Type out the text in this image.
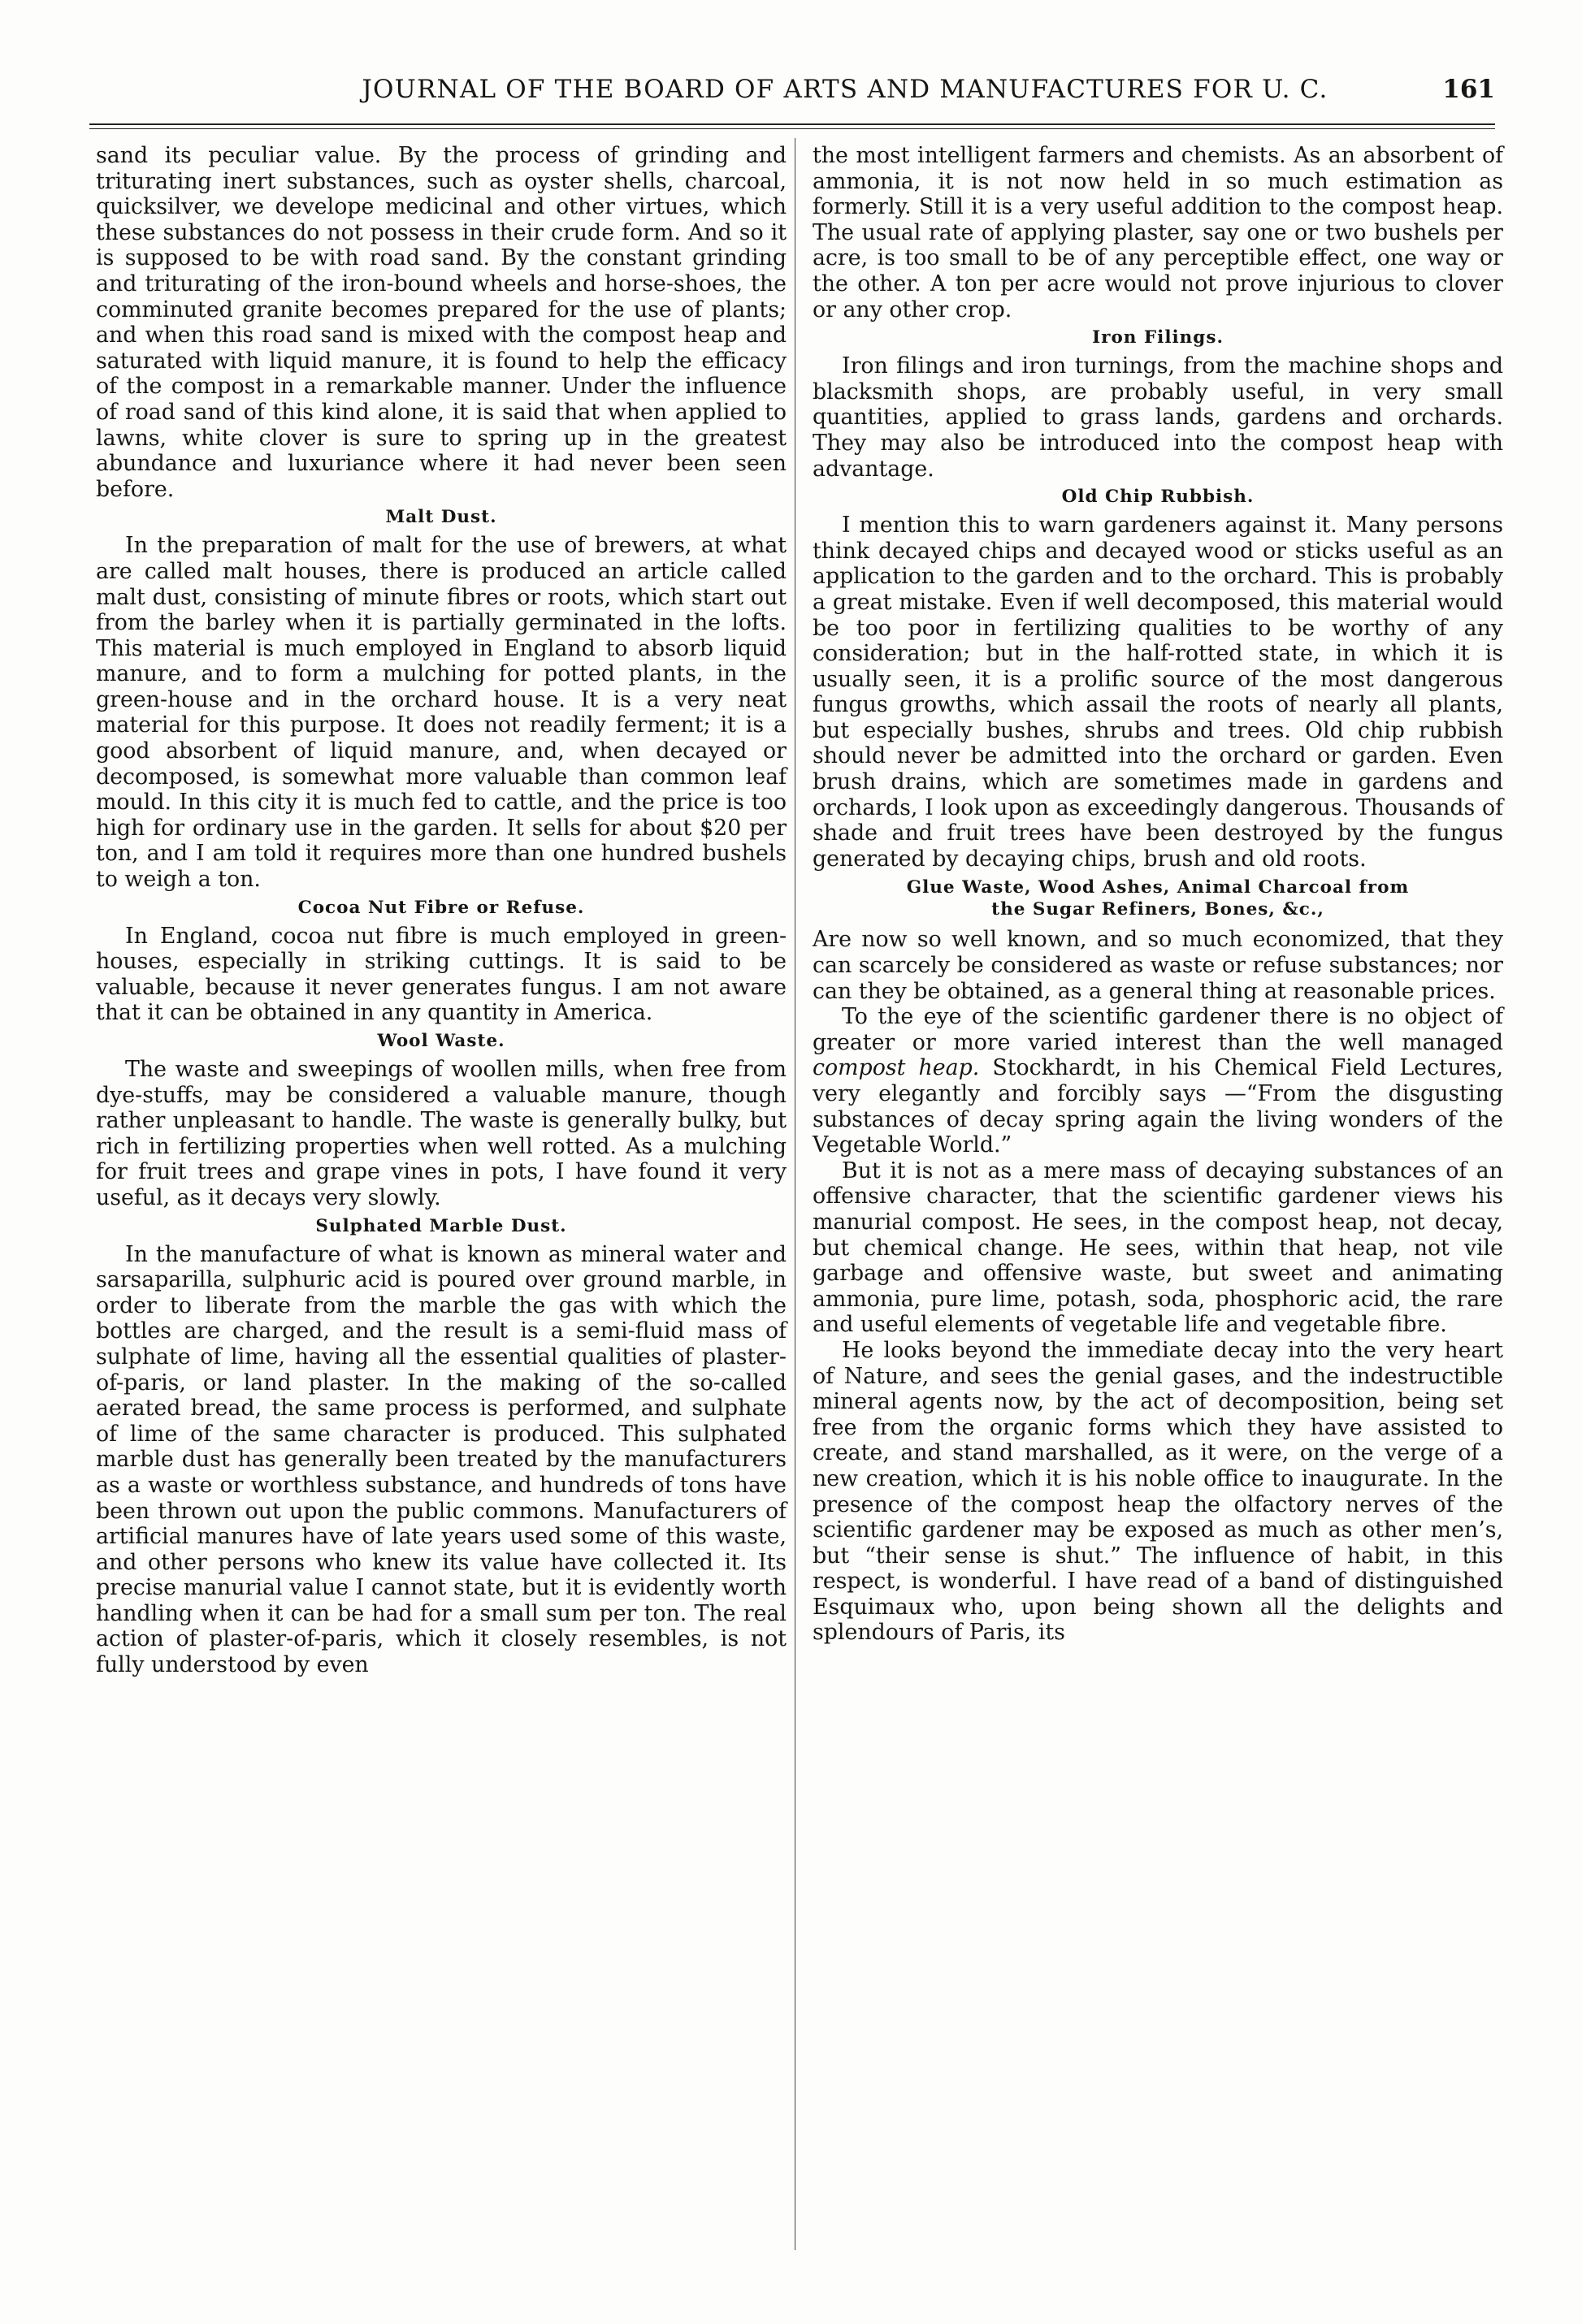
JOURNAL OF THE BOARD OF ARTS AND MANUFACTURES FOR U. C.	161

sand its peculiar value. By the process of grinding and triturating inert substances, such as oyster shells, charcoal, quicksilver, we develope medicinal and other virtues, which these substances do not possess in their crude form. And so it is supposed to be with road sand. By the constant grinding and triturating of the iron-bound wheels and horse-shoes, the comminuted granite becomes prepared for the use of plants; and when this road sand is mixed with the compost heap and saturated with liquid manure, it is found to help the efficacy of the compost in a remarkable manner. Under the influence of road sand of this kind alone, it is said that when applied to lawns, white clover is sure to spring up in the greatest abundance and luxuriance where it had never been seen before.

Malt Dust.

In the preparation of malt for the use of brewers, at what are called malt houses, there is produced an article called malt dust, consisting of minute fibres or roots, which start out from the barley when it is partially germinated in the lofts. This material is much employed in England to absorb liquid manure, and to form a mulching for potted plants, in the green-house and in the orchard house. It is a very neat material for this purpose. It does not readily ferment; it is a good absorbent of liquid manure, and, when decayed or decomposed, is somewhat more valuable than common leaf mould. In this city it is much fed to cattle, and the price is too high for ordinary use in the garden. It sells for about $20 per ton, and I am told it requires more than one hundred bushels to weigh a ton.

Cocoa Nut Fibre or Refuse.

In England, cocoa nut fibre is much employed in green-houses, especially in striking cuttings. It is said to be valuable, because it never generates fungus. I am not aware that it can be obtained in any quantity in America.

Wool Waste.

The waste and sweepings of woollen mills, when free from dye-stuffs, may be considered a valuable manure, though rather unpleasant to handle. The waste is generally bulky, but rich in fertilizing properties when well rotted. As a mulching for fruit trees and grape vines in pots, I have found it very useful, as it decays very slowly.

Sulphated Marble Dust.

In the manufacture of what is known as mineral water and sarsaparilla, sulphuric acid is poured over ground marble, in order to liberate from the marble the gas with which the bottles are charged, and the result is a semi-fluid mass of sulphate of lime, having all the essential qualities of plaster-of-paris, or land plaster. In the making of the so-called aerated bread, the same process is performed, and sulphate of lime of the same character is produced. This sulphated marble dust has generally been treated by the manufacturers as a waste or worthless substance, and hundreds of tons have been thrown out upon the public commons. Manufacturers of artificial manures have of late years used some of this waste, and other persons who knew its value have collected it. Its precise manurial value I cannot state, but it is evidently worth handling when it can be had for a small sum per ton. The real action of plaster-of-paris, which it closely resembles, is not fully understood by even

the most intelligent farmers and chemists. As an absorbent of ammonia, it is not now held in so much estimation as formerly. Still it is a very useful addition to the compost heap. The usual rate of applying plaster, say one or two bushels per acre, is too small to be of any perceptible effect, one way or the other. A ton per acre would not prove injurious to clover or any other crop.

Iron Filings.

Iron filings and iron turnings, from the machine shops and blacksmith shops, are probably useful, in very small quantities, applied to grass lands, gardens and orchards. They may also be introduced into the compost heap with advantage.

Old Chip Rubbish.

I mention this to warn gardeners against it. Many persons think decayed chips and decayed wood or sticks useful as an application to the garden and to the orchard. This is probably a great mistake. Even if well decomposed, this material would be too poor in fertilizing qualities to be worthy of any consideration; but in the half-rotted state, in which it is usually seen, it is a prolific source of the most dangerous fungus growths, which assail the roots of nearly all plants, but especially bushes, shrubs and trees. Old chip rubbish should never be admitted into the orchard or garden. Even brush drains, which are sometimes made in gardens and orchards, I look upon as exceedingly dangerous. Thousands of shade and fruit trees have been destroyed by the fungus generated by decaying chips, brush and old roots.

Glue Waste, Wood Ashes, Animal Charcoal from
the Sugar Refiners, Bones, &c.,

Are now so well known, and so much economized, that they can scarcely be considered as waste or refuse substances; nor can they be obtained, as a general thing at reasonable prices.

To the eye of the scientific gardener there is no object of greater or more varied interest than the well managed compost heap. Stockhardt, in his Chemical Field Lectures, very elegantly and forcibly says —“From the disgusting substances of decay spring again the living wonders of the Vegetable World.”

But it is not as a mere mass of decaying substances of an offensive character, that the scientific gardener views his manurial compost. He sees, in the compost heap, not decay, but chemical change. He sees, within that heap, not vile garbage and offensive waste, but sweet and animating ammonia, pure lime, potash, soda, phosphoric acid, the rare and useful elements of vegetable life and vegetable fibre.

He looks beyond the immediate decay into the very heart of Nature, and sees the genial gases, and the indestructible mineral agents now, by the act of decomposition, being set free from the organic forms which they have assisted to create, and stand marshalled, as it were, on the verge of a new creation, which it is his noble office to inaugurate. In the presence of the compost heap the olfactory nerves of the scientific gardener may be exposed as much as other men’s, but “their sense is shut.” The influence of habit, in this respect, is wonderful. I have read of a band of distinguished Esquimaux who, upon being shown all the delights and splendours of Paris, its
